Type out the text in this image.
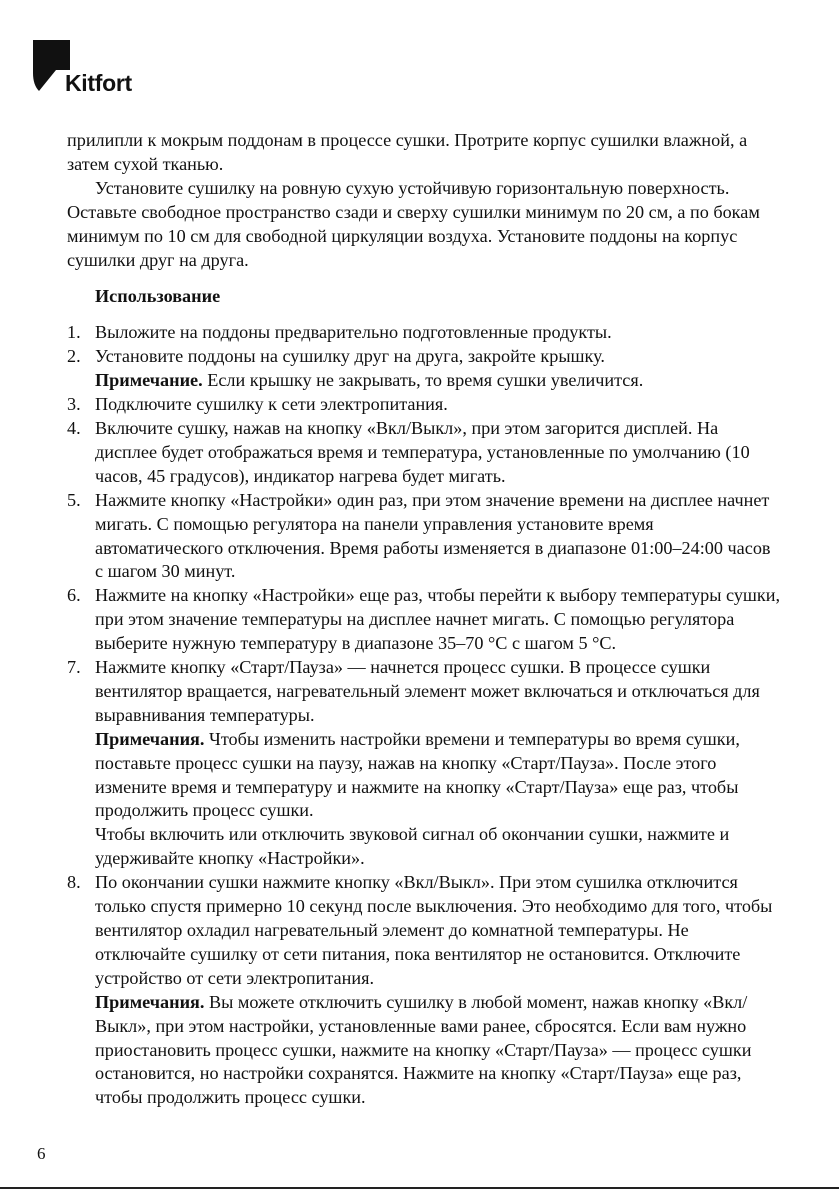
Kitfort

прилипли к мокрым поддонам в процессе сушки. Протрите корпус сушилки влажной, а затем сухой тканью.

Установите сушилку на ровную сухую устойчивую горизонтальную поверхность. Оставьте свободное пространство сзади и сверху сушилки минимум по 20 см, а по бокам минимум по 10 см для свободной циркуляции воздуха. Установите поддоны на корпус сушилки друг на друга.

Использование

1. Выложите на поддоны предварительно подготовленные продукты.
2. Установите поддоны на сушилку друг на друга, закройте крышку.
Примечание. Если крышку не закрывать, то время сушки увеличится.
3. Подключите сушилку к сети электропитания.
4. Включите сушку, нажав на кнопку «Вкл/Выкл», при этом загорится дисплей. На дисплее будет отображаться время и температура, установленные по умолчанию (10 часов, 45 градусов), индикатор нагрева будет мигать.
5. Нажмите кнопку «Настройки» один раз, при этом значение времени на дисплее начнет мигать. С помощью регулятора на панели управления установите время автоматического отключения. Время работы изменяется в диапазоне 01:00–24:00 часов с шагом 30 минут.
6. Нажмите на кнопку «Настройки» еще раз, чтобы перейти к выбору температуры сушки, при этом значение температуры на дисплее начнет мигать. С помощью регулятора выберите нужную температуру в диапазоне 35–70 °С с шагом 5 °С.
7. Нажмите кнопку «Старт/Пауза» — начнется процесс сушки. В процессе сушки вентилятор вращается, нагревательный элемент может включаться и отключаться для выравнивания температуры.
Примечания. Чтобы изменить настройки времени и температуры во время сушки, поставьте процесс сушки на паузу, нажав на кнопку «Старт/Пауза». После этого измените время и температуру и нажмите на кнопку «Старт/Пауза» еще раз, чтобы продолжить процесс сушки.
Чтобы включить или отключить звуковой сигнал об окончании сушки, нажмите и удерживайте кнопку «Настройки».
8. По окончании сушки нажмите кнопку «Вкл/Выкл». При этом сушилка отключится только спустя примерно 10 секунд после выключения. Это необходимо для того, чтобы вентилятор охладил нагревательный элемент до комнатной температуры. Не отключайте сушилку от сети питания, пока вентилятор не остановится. Отключите устройство от сети электропитания.
Примечания. Вы можете отключить сушилку в любой момент, нажав кнопку «Вкл/Выкл», при этом настройки, установленные вами ранее, сбросятся. Если вам нужно приостановить процесс сушки, нажмите на кнопку «Старт/Пауза» — процесс сушки остановится, но настройки сохранятся. Нажмите на кнопку «Старт/Пауза» еще раз, чтобы продолжить процесс сушки.
6
